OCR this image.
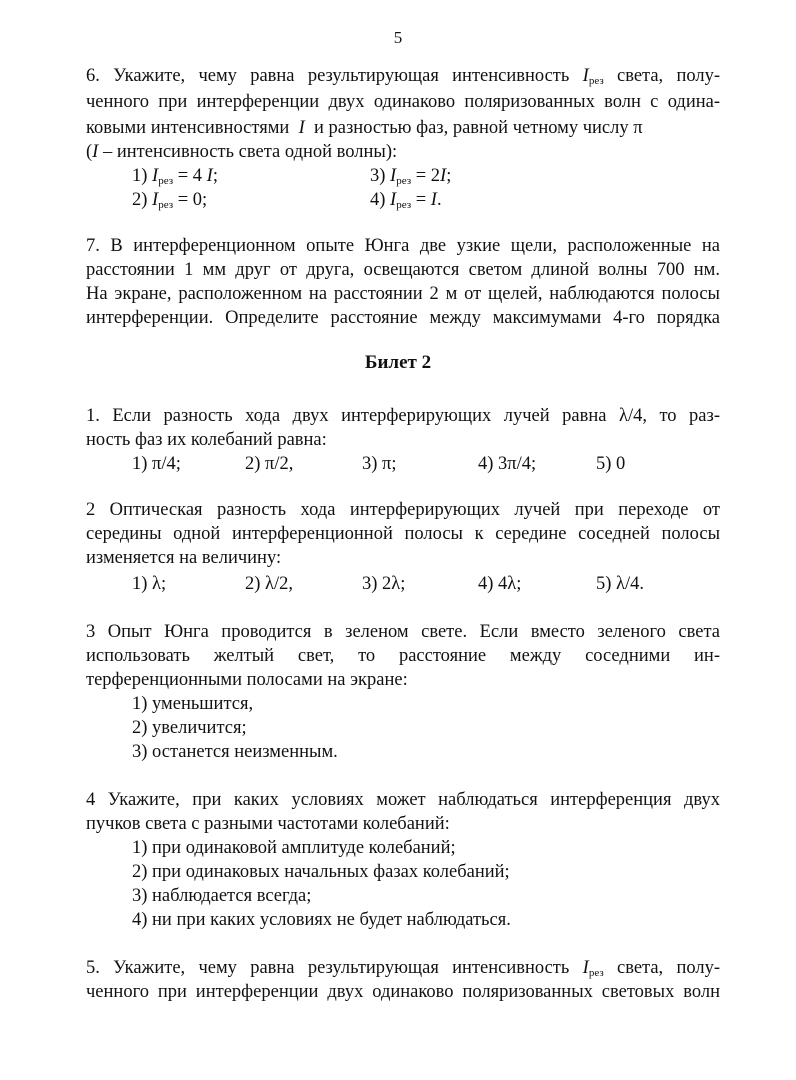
5
6. Укажите, чему равна результирующая интенсивность $I_{рез}$ света, полу-
ченного при интерференции двух одинаково поляризованных волн с одина-
ковыми интенсивностями I и разностью фаз, равной четному числу π
(I – интенсивность света одной волны):
1) $I_{рез} = 4$ I;	3) $I_{рез} = 2I$;
2) $I_{рез} = 0$;	4) $I_{рез} = I$.
7. В интерференционном опыте Юнга две узкие щели, расположенные на
расстоянии 1 мм друг от друга, освещаются светом длиной волны 700 нм.
На экране, расположенном на расстоянии 2 м от щелей, наблюдаются полосы
интерференции. Определите расстояние между максимумами 4-го порядка
Билет 2
1. Если разность хода двух интерферирующих лучей равна λ/4, то раз-
ность фаз их колебаний равна:
1) π/4;	2) π/2,	3) π;	4) 3π/4;	5) 0
2 Оптическая разность хода интерферирующих лучей при переходе от
середины одной интерференционной полосы к середине соседней полосы
изменяется на величину:
1) λ;	2) λ/2,	3) 2λ;	4) 4λ;	5) λ/4.
3 Опыт Юнга проводится в зеленом свете. Если вместо зеленого света
использовать желтый свет, то расстояние между соседними ин-
терференционными полосами на экране:
1) уменьшится,
2) увеличится;
3) останется неизменным.
4 Укажите, при каких условиях может наблюдаться интерференция двух
пучков света с разными частотами колебаний:
1) при одинаковой амплитуде колебаний;
2) при одинаковых начальных фазах колебаний;
3) наблюдается всегда;
4) ни при каких условиях не будет наблюдаться.
5. Укажите, чему равна результирующая интенсивность $I_{рез}$ света, полу-
ченного при интерференции двух одинаково поляризованных световых волн
